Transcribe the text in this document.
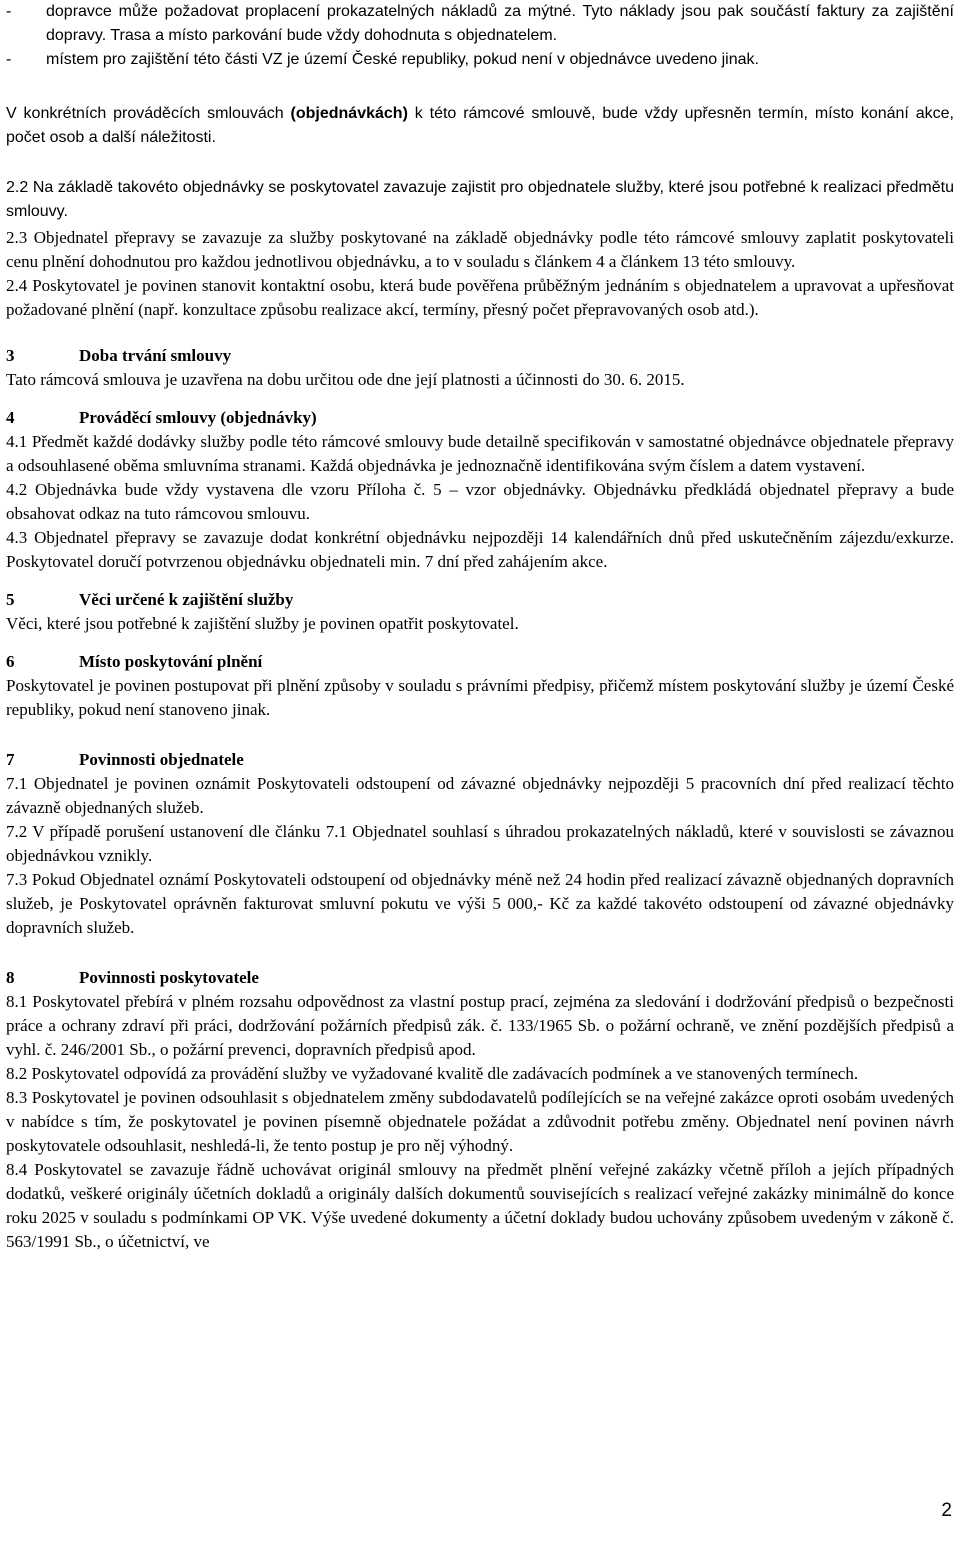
-	dopravce může požadovat proplacení prokazatelných nákladů za mýtné. Tyto náklady jsou pak součástí faktury za zajištění dopravy. Trasa a místo parkování bude vždy dohodnuta s objednatelem.
-	místem pro zajištění této části VZ je území České republiky, pokud není v objednávce uvedeno jinak.

V konkrétních prováděcích smlouvách (objednávkách) k této rámcové smlouvě, bude vždy upřesněn termín, místo konání akce, počet osob a další náležitosti.

2.2 Na základě takovéto objednávky se poskytovatel zavazuje zajistit pro objednatele služby, které jsou potřebné k realizaci předmětu smlouvy.

2.3 Objednatel přepravy se zavazuje za služby poskytované na základě objednávky podle této rámcové smlouvy zaplatit poskytovateli cenu plnění dohodnutou pro každou jednotlivou objednávku, a to v souladu s článkem 4 a článkem 13 této smlouvy.

2.4 Poskytovatel je povinen stanovit kontaktní osobu, která bude pověřena průběžným jednáním s objednatelem a upravovat a upřesňovat požadované plnění (např. konzultace způsobu realizace akcí, termíny, přesný počet přepravovaných osob atd.).

3	Doba trvání smlouvy

Tato rámcová smlouva je uzavřena na dobu určitou ode dne její platnosti a účinnosti do 30. 6. 2015.

4	Prováděcí smlouvy (objednávky)

4.1 Předmět každé dodávky služby podle této rámcové smlouvy bude detailně specifikován v samostatné objednávce objednatele přepravy a odsouhlasené oběma smluvníma stranami. Každá objednávka je jednoznačně identifikována svým číslem a datem vystavení.

4.2 Objednávka bude vždy vystavena dle vzoru Příloha č. 5 – vzor objednávky. Objednávku předkládá objednatel přepravy a bude obsahovat odkaz na tuto rámcovou smlouvu.

4.3 Objednatel přepravy se zavazuje dodat konkrétní objednávku nejpozději 14 kalendářních dnů před uskutečněním zájezdu/exkurze. Poskytovatel doručí potvrzenou objednávku objednateli min. 7 dní před zahájením akce.

5	Věci určené k zajištění služby

Věci, které jsou potřebné k zajištění služby je povinen opatřit poskytovatel.

6	Místo poskytování plnění

Poskytovatel je povinen postupovat při plnění způsoby v souladu s právními předpisy, přičemž místem poskytování služby je území České republiky, pokud není stanoveno jinak.

7	Povinnosti objednatele

7.1 Objednatel je povinen oznámit Poskytovateli odstoupení od závazné objednávky nejpozději 5 pracovních dní před realizací těchto závazně objednaných služeb.

7.2 V případě porušení ustanovení dle článku 7.1 Objednatel souhlasí s úhradou prokazatelných nákladů, které v souvislosti se závaznou objednávkou vznikly.

7.3 Pokud Objednatel oznámí Poskytovateli odstoupení od objednávky méně než 24 hodin před realizací závazně objednaných dopravních služeb, je Poskytovatel oprávněn fakturovat smluvní pokutu ve výši 5 000,- Kč za každé takovéto odstoupení od závazné objednávky dopravních služeb.

8	Povinnosti poskytovatele

8.1 Poskytovatel přebírá v plném rozsahu odpovědnost za vlastní postup prací, zejména za sledování i dodržování předpisů o bezpečnosti práce a ochrany zdraví při práci, dodržování požárních předpisů zák. č. 133/1965 Sb. o požární ochraně, ve znění pozdějších předpisů a vyhl. č. 246/2001 Sb., o požární prevenci, dopravních předpisů apod.

8.2 Poskytovatel odpovídá za provádění služby ve vyžadované kvalitě dle zadávacích podmínek a ve stanovených termínech.

8.3 Poskytovatel je povinen odsouhlasit s objednatelem změny subdodavatelů podílejících se na veřejné zakázce oproti osobám uvedených v nabídce s tím, že poskytovatel je povinen písemně objednatele požádat a zdůvodnit potřebu změny. Objednatel není povinen návrh poskytovatele odsouhlasit, neshledá-li, že tento postup je pro něj výhodný.

8.4 Poskytovatel se zavazuje řádně uchovávat originál smlouvy na předmět plnění veřejné zakázky včetně příloh a jejích případných dodatků, veškeré originály účetních dokladů a originály dalších dokumentů souvisejících s realizací veřejné zakázky minimálně do konce roku 2025 v souladu s podmínkami OP VK. Výše uvedené dokumenty a účetní doklady budou uchovány způsobem uvedeným v zákoně č. 563/1991 Sb., o účetnictví, ve

2
